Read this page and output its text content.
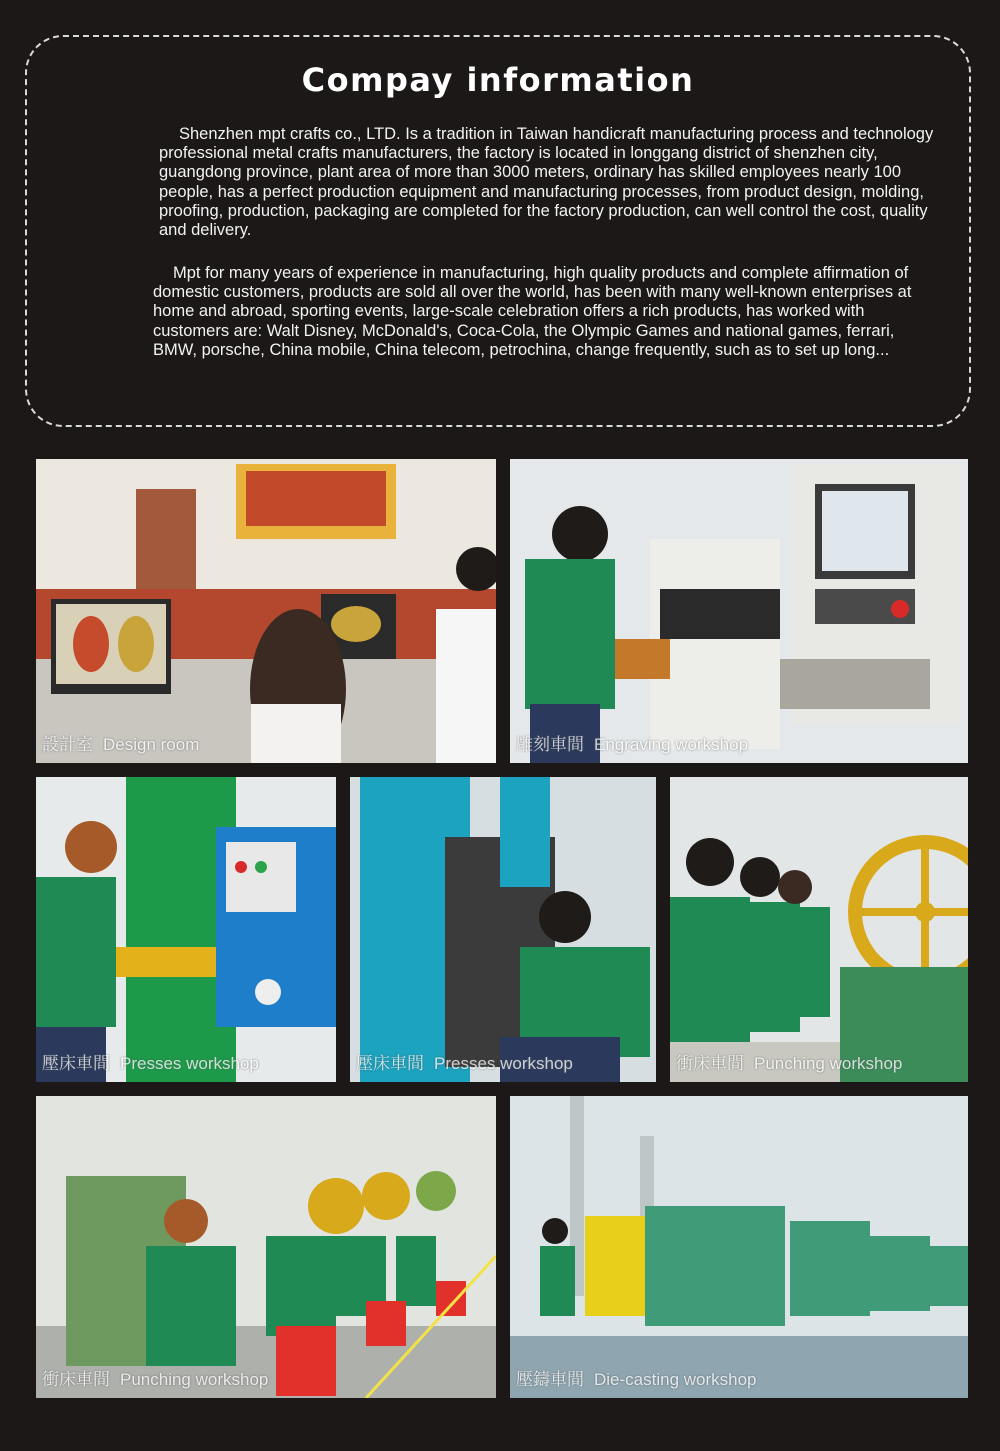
Compay information

Shenzhen mpt crafts co., LTD. Is a tradition in Taiwan handicraft manufacturing process and technology professional metal crafts manufacturers, the factory is located in longgang district of shenzhen city, guangdong province, plant area of more than 3000 meters, ordinary has skilled employees nearly 100 people, has a perfect production equipment and manufacturing processes, from product design, molding, proofing, production, packaging are completed for the factory production, can well control the cost, quality and delivery.

Mpt for many years of experience in manufacturing, high quality products and complete affirmation of domestic customers, products are sold all over the world, has been with many well-known enterprises at home and abroad, sporting events, large-scale celebration offers a rich products, has worked with customers are: Walt Disney, McDonald's, Coca-Cola, the Olympic Games and national games, ferrari, BMW, porsche, China mobile, China telecom, petrochina, change frequently, such as to set up long...

設計室 Design room	雕刻車間 Engraving workshop
壓床車間 Presses workshop	壓床車間 Presses workshop	衝床車間 Punching workshop
衝床車間 Punching workshop	壓鑄車間 Die-casting workshop
